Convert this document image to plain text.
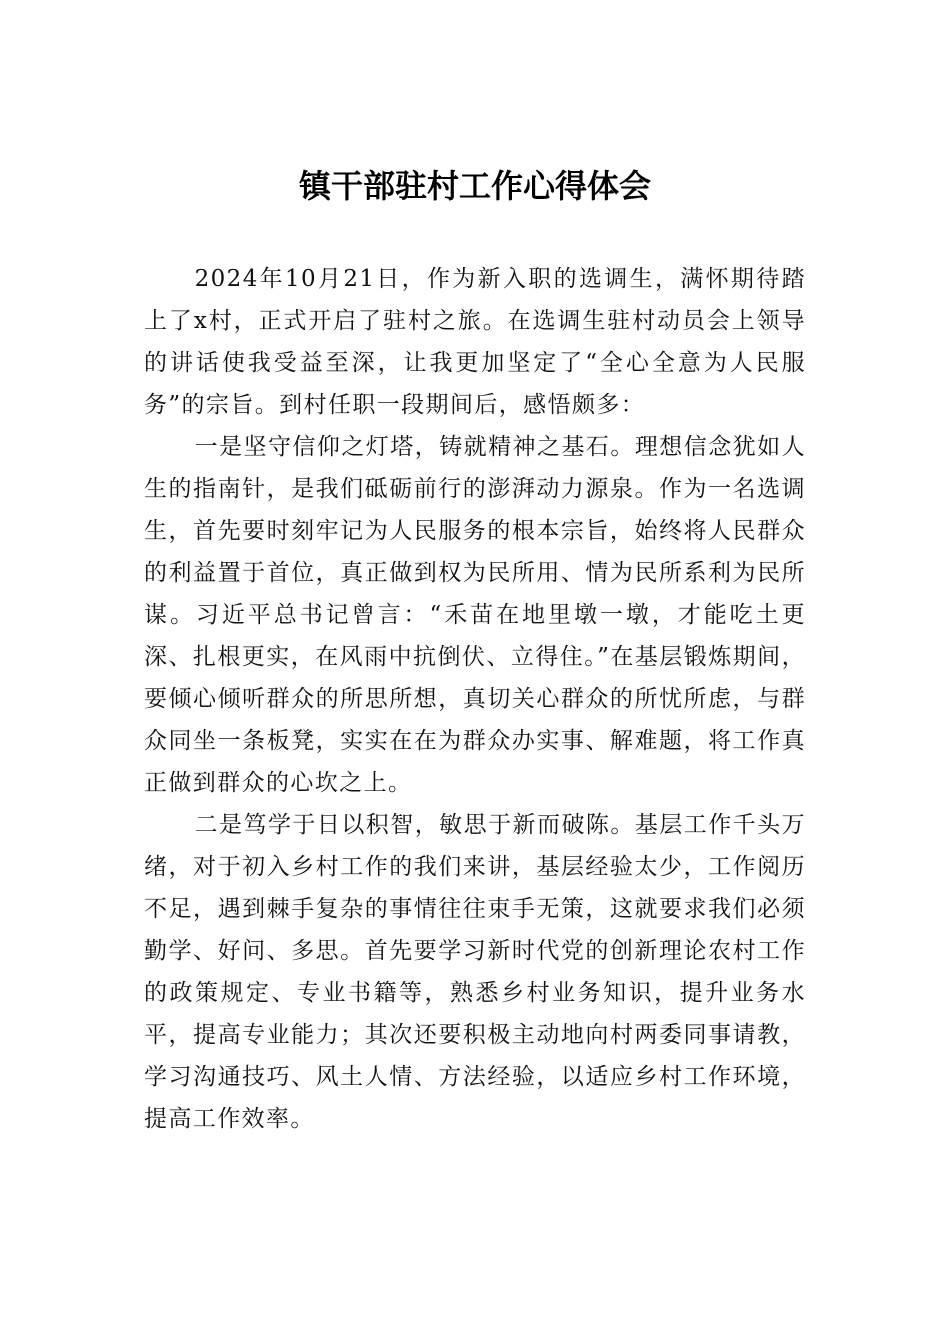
镇干部驻村工作心得体会

2024年10月21日，作为新入职的选调生，满怀期待踏上了x村，正式开启了驻村之旅。在选调生驻村动员会上领导的讲话使我受益至深，让我更加坚定了“全心全意为人民服务”的宗旨。到村任职一段期间后，感悟颇多：

一是坚守信仰之灯塔，铸就精神之基石。理想信念犹如人生的指南针，是我们砥砺前行的澎湃动力源泉。作为一名选调生，首先要时刻牢记为人民服务的根本宗旨，始终将人民群众的利益置于首位，真正做到权为民所用、情为民所系利为民所谋。习近平总书记曾言：“禾苗在地里墩一墩，才能吃土更深、扎根更实，在风雨中抗倒伏、立得住。”在基层锻炼期间，要倾心倾听群众的所思所想，真切关心群众的所忧所虑，与群众同坐一条板凳，实实在在为群众办实事、解难题，将工作真正做到群众的心坎之上。

二是笃学于日以积智，敏思于新而破陈。基层工作千头万绪，对于初入乡村工作的我们来讲，基层经验太少，工作阅历不足，遇到棘手复杂的事情往往束手无策，这就要求我们必须勤学、好问、多思。首先要学习新时代党的创新理论农村工作的政策规定、专业书籍等，熟悉乡村业务知识，提升业务水平，提高专业能力；其次还要积极主动地向村两委同事请教，学习沟通技巧、风土人情、方法经验，以适应乡村工作环境，提高工作效率。
